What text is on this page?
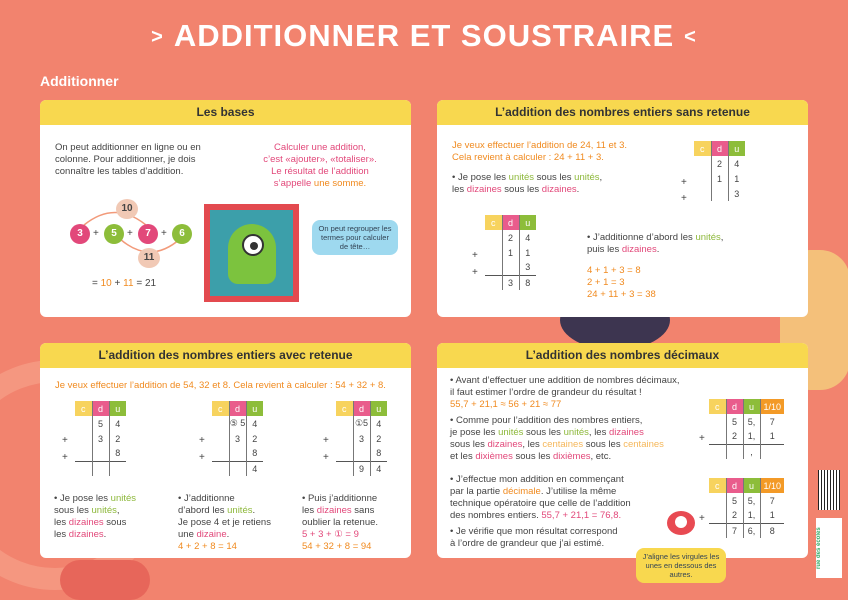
> ADDITIONNER ET SOUSTRAIRE <
Additionner
Les bases
On peut additionner en ligne ou en
colonne. Pour additionner, je dois
connaître les tables d’addition.
Calculer une addition,
c’est «ajouter», «totaliser».
Le résultat de l’addition
s’appelle une somme.
10
3	+	5	+	7	+	6
11
= 10 + 11 = 21
On peut regrouper les termes pour calculer de tête…
L’addition des nombres entiers sans retenue
Je veux effectuer l’addition de 24, 11 et 3.
Cela revient à calculer : 24 + 11 + 3.
• Je pose les unités sous les unités,
les dizaines sous les dizaines.
c	d	u
	2	4
	1	1
		3
+
+
c	d	u
	2	4
	1	1
		3
	3	8
+
+
• J’additionne d’abord les unités,
puis les dizaines.
4 + 1 + 3 = 8
2 + 1 = 3
24 + 11 + 3 = 38
L’addition des nombres entiers avec retenue
Je veux effectuer l’addition de 54, 32 et 8. Cela revient à calculer : 54 + 32 + 8.
c	d	u
	5	4
	3	2
		8

+
+
c	d	u
	⑤ 5	4
	3	2
		8
		4
+
+
c	d	u
	①5	4
	3	2
		8
	9	4
+
+
• Je pose les unités
sous les unités,
les dizaines sous
les dizaines.
• J’additionne
d’abord les unités.
Je pose 4 et je retiens
une dizaine.
4 + 2 + 8 = 14
• Puis j’additionne
les dizaines sans
oublier la retenue.
5 + 3 + ① = 9
54 + 32 + 8 = 94
L’addition des nombres décimaux
• Avant d’effectuer une addition de nombres décimaux,
il faut estimer l’ordre de grandeur du résultat !
55,7 + 21,1 ≈ 56 + 21 ≈ 77
• Comme pour l’addition des nombres entiers,
je pose les unités sous les unités, les dizaines
sous les dizaines, les centaines sous les centaines
et les dixièmes sous les dixièmes, etc.
• J’effectue mon addition en commençant
par la partie décimale. J’utilise la même
technique opératoire que celle de l’addition
des nombres entiers. 55,7 + 21,1 = 76,8.
• Je vérifie que mon résultat correspond
à l’ordre de grandeur que j’ai estimé.
c	d	u	1/10
	5	5,	7
	2	1,	1
		,	
+
c	d	u	1/10
	5	5,	7
	2	1,	1
	7	6,	8
+
J’aligne les virgules les unes en dessous des autres.
rue des écoles
